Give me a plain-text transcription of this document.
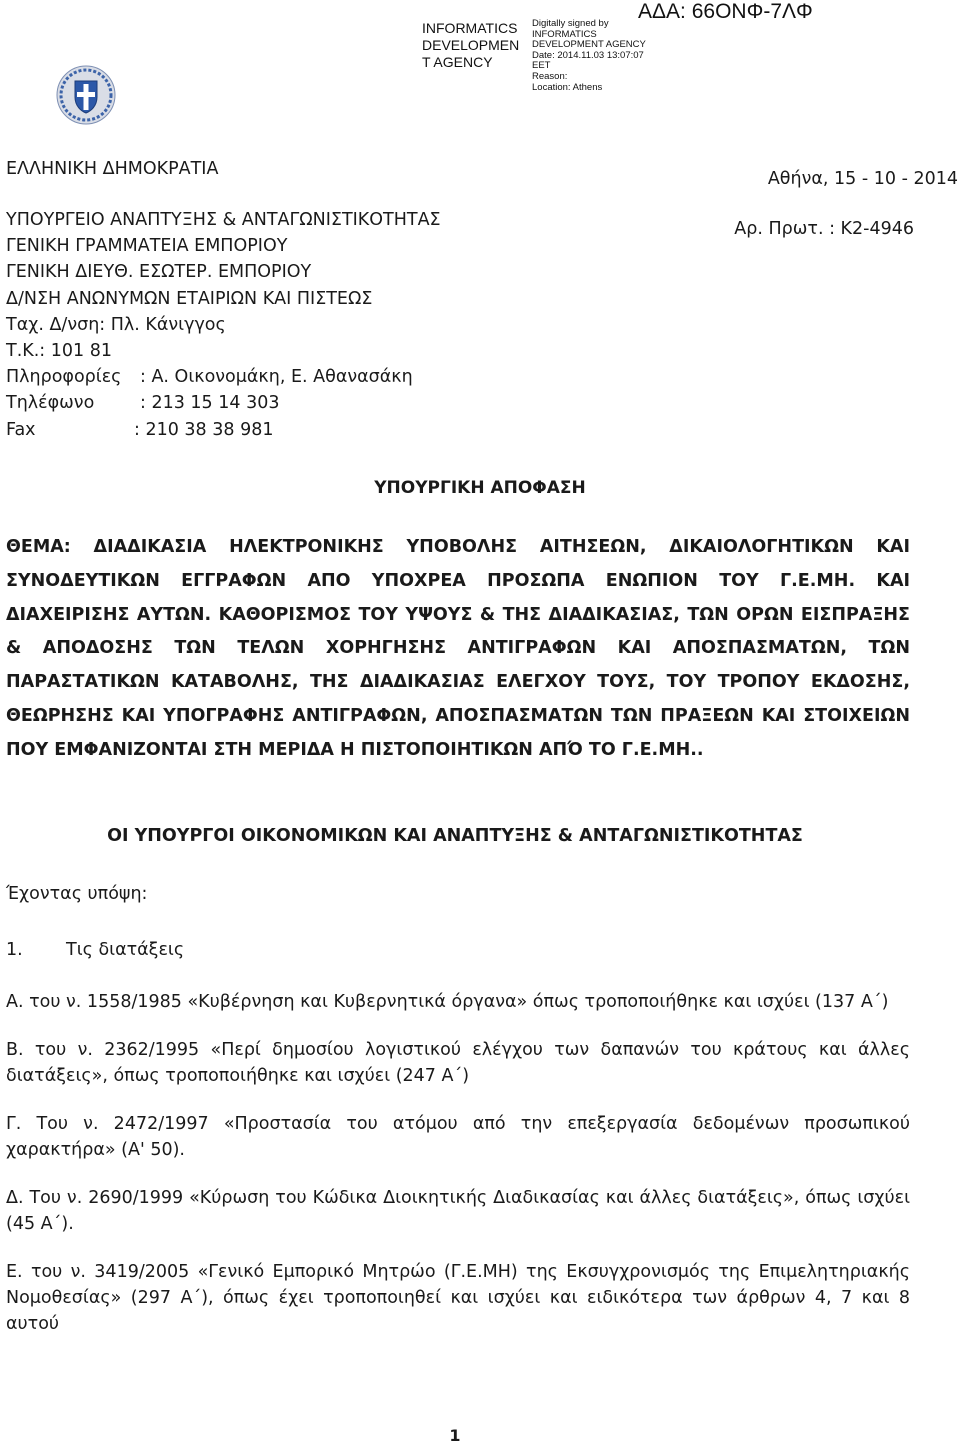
INFORMATICS
DEVELOPMEN
T AGENCY
Digitally signed by
INFORMATICS
DEVELOPMENT AGENCY
Date: 2014.11.03 13:07:07
EET
Reason:
Location: Athens
ΑΔΑ: 66ΟΝΦ-7ΛΦ
ΕΛΛΗΝΙΚΗ ΔΗΜΟΚΡΑΤΙΑ
ΥΠΟΥΡΓΕΙΟ ΑΝΑΠΤΥΞΗΣ & ΑΝΤΑΓΩΝΙΣΤΙΚΟΤΗΤΑΣ
ΓΕΝΙΚΗ ΓΡΑΜΜΑΤΕΙΑ ΕΜΠΟΡΙΟΥ
ΓΕΝΙΚΗ ΔΙΕΥΘ. ΕΣΩΤΕΡ. ΕΜΠΟΡΙΟΥ
Δ/ΝΣΗ ΑΝΩΝΥΜΩΝ ΕΤΑΙΡΙΩΝ ΚΑΙ ΠΙΣΤΕΩΣ
Ταχ. Δ/νση: Πλ. Κάνιγγος
Τ.Κ.: 101 81
Πληροφορίες : Α. Οικονομάκη, Ε. Αθανασάκη
Τηλέφωνο	: 213 15 14 303
Fax	: 210 38 38 981
Αθήνα, 15 - 10 - 2014
Αρ. Πρωτ. : Κ2-4946
ΥΠΟΥΡΓΙΚΗ ΑΠΟΦΑΣΗ
ΘΕΜΑ: ΔΙΑΔΙΚΑΣΙΑ ΗΛΕΚΤΡΟΝΙΚΗΣ ΥΠΟΒΟΛΗΣ ΑΙΤΗΣΕΩΝ, ΔΙΚΑΙΟΛΟΓΗΤΙΚΩΝ ΚΑΙ ΣΥΝΟΔΕΥΤΙΚΩΝ ΕΓΓΡΑΦΩΝ ΑΠΟ ΥΠΟΧΡΕΑ ΠΡΟΣΩΠΑ ΕΝΩΠΙΟΝ ΤΟΥ Γ.Ε.ΜΗ. ΚΑΙ ΔΙΑΧΕΙΡΙΣΗΣ ΑΥΤΩΝ. ΚΑΘΟΡΙΣΜΟΣ ΤΟΥ ΥΨΟΥΣ & ΤΗΣ ΔΙΑΔΙΚΑΣΙΑΣ, ΤΩΝ ΟΡΩΝ ΕΙΣΠΡΑΞΗΣ & ΑΠΟΔΟΣΗΣ ΤΩΝ ΤΕΛΩΝ ΧΟΡΗΓΗΣΗΣ ΑΝΤΙΓΡΑΦΩΝ ΚΑΙ ΑΠΟΣΠΑΣΜΑΤΩΝ, ΤΩΝ ΠΑΡΑΣΤΑΤΙΚΩΝ ΚΑΤΑΒΟΛΗΣ, ΤΗΣ ΔΙΑΔΙΚΑΣΙΑΣ ΕΛΕΓΧΟΥ ΤΟΥΣ, ΤΟΥ ΤΡΟΠΟΥ ΕΚΔΟΣΗΣ, ΘΕΩΡΗΣΗΣ ΚΑΙ ΥΠΟΓΡΑΦΗΣ ΑΝΤΙΓΡΑΦΩΝ, ΑΠΟΣΠΑΣΜΑΤΩΝ ΤΩΝ ΠΡΑΞΕΩΝ ΚΑΙ ΣΤΟΙΧΕΙΩΝ ΠΟΥ ΕΜΦΑΝΙΖΟΝΤΑΙ ΣΤΗ ΜΕΡΙΔΑ Η ΠΙΣΤΟΠΟΙΗΤΙΚΩΝ ΑΠΌ ΤΟ Γ.Ε.ΜΗ..
ΟΙ ΥΠΟΥΡΓΟΙ ΟΙΚΟΝΟΜΙΚΩΝ ΚΑΙ ΑΝΑΠΤΥΞΗΣ & ΑΝΤΑΓΩΝΙΣΤΙΚΟΤΗΤΑΣ
Έχοντας υπόψη:
1. Τις διατάξεις
Α. του ν. 1558/1985 «Κυβέρνηση και Κυβερνητικά όργανα» όπως τροποποιήθηκε και ισχύει (137 Α΄)
Β. του ν. 2362/1995 «Περί δημοσίου λογιστικού ελέγχου των δαπανών του κράτους και άλλες διατάξεις», όπως τροποποιήθηκε και ισχύει (247 Α΄)
Γ. Του ν. 2472/1997 «Προστασία του ατόμου από την επεξεργασία δεδομένων προσωπικού χαρακτήρα» (Α' 50).
Δ. Του ν. 2690/1999 «Κύρωση του Κώδικα Διοικητικής Διαδικασίας και άλλες διατάξεις», όπως ισχύει (45 Α΄).
Ε. του ν. 3419/2005 «Γενικό Εμπορικό Μητρώο (Γ.Ε.ΜΗ) της Εκσυγχρονισμός της Επιμελητηριακής Νομοθεσίας» (297 Α΄), όπως έχει τροποποιηθεί και ισχύει και ειδικότερα των άρθρων 4, 7 και 8 αυτού
1
